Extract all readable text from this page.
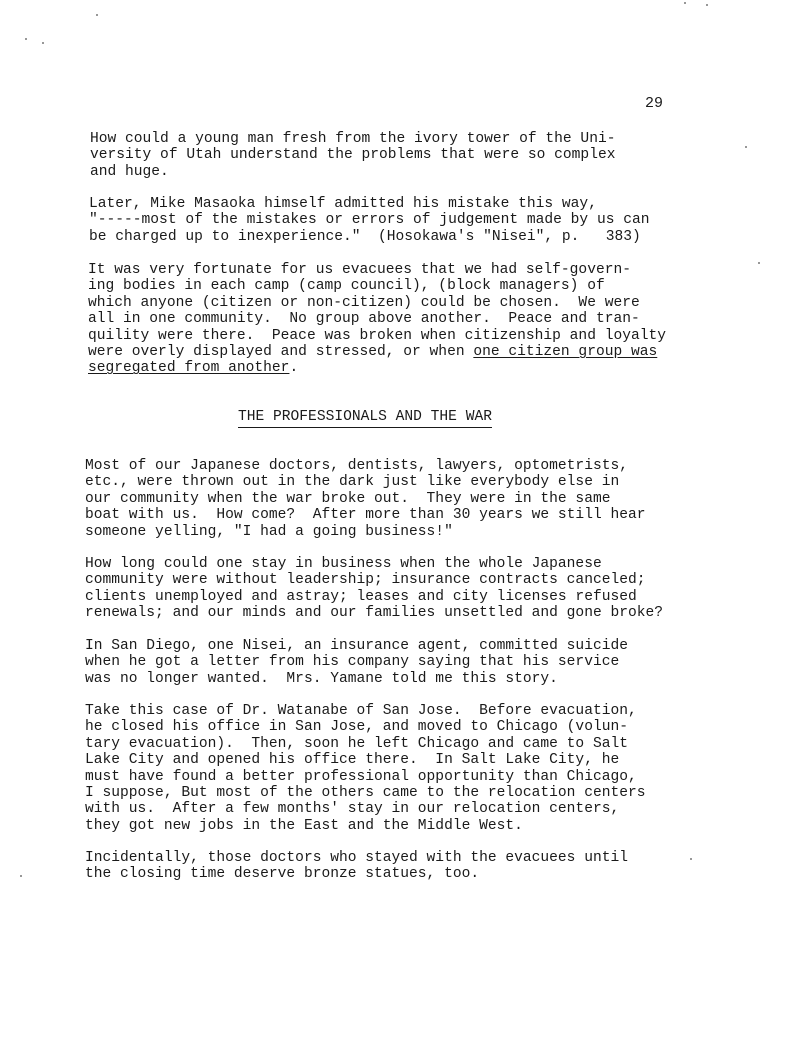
29

How could a young man fresh from the ivory tower of the Uni-
versity of Utah understand the problems that were so complex
and huge.

Later, Mike Masaoka himself admitted his mistake this way,
"-----most of the mistakes or errors of judgement made by us can
be charged up to inexperience."  (Hosokawa's "Nisei", p.   383)

It was very fortunate for us evacuees that we had self-govern-
ing bodies in each camp (camp council), (block managers) of
which anyone (citizen or non-citizen) could be chosen.  We were
all in one community.  No group above another.  Peace and tran-
quility were there.  Peace was broken when citizenship and loyalty
were overly displayed and stressed, or when one citizen group was
segregated from another.

THE PROFESSIONALS AND THE WAR

Most of our Japanese doctors, dentists, lawyers, optometrists,
etc., were thrown out in the dark just like everybody else in
our community when the war broke out.  They were in the same
boat with us.  How come?  After more than 30 years we still hear
someone yelling, "I had a going business!"

How long could one stay in business when the whole Japanese
community were without leadership; insurance contracts canceled;
clients unemployed and astray; leases and city licenses refused
renewals; and our minds and our families unsettled and gone broke?

In San Diego, one Nisei, an insurance agent, committed suicide
when he got a letter from his company saying that his service
was no longer wanted.  Mrs. Yamane told me this story.

Take this case of Dr. Watanabe of San Jose.  Before evacuation,
he closed his office in San Jose, and moved to Chicago (volun-
tary evacuation).  Then, soon he left Chicago and came to Salt
Lake City and opened his office there.  In Salt Lake City, he
must have found a better professional opportunity than Chicago,
I suppose, But most of the others came to the relocation centers
with us.  After a few months' stay in our relocation centers,
they got new jobs in the East and the Middle West.

Incidentally, those doctors who stayed with the evacuees until
the closing time deserve bronze statues, too.
